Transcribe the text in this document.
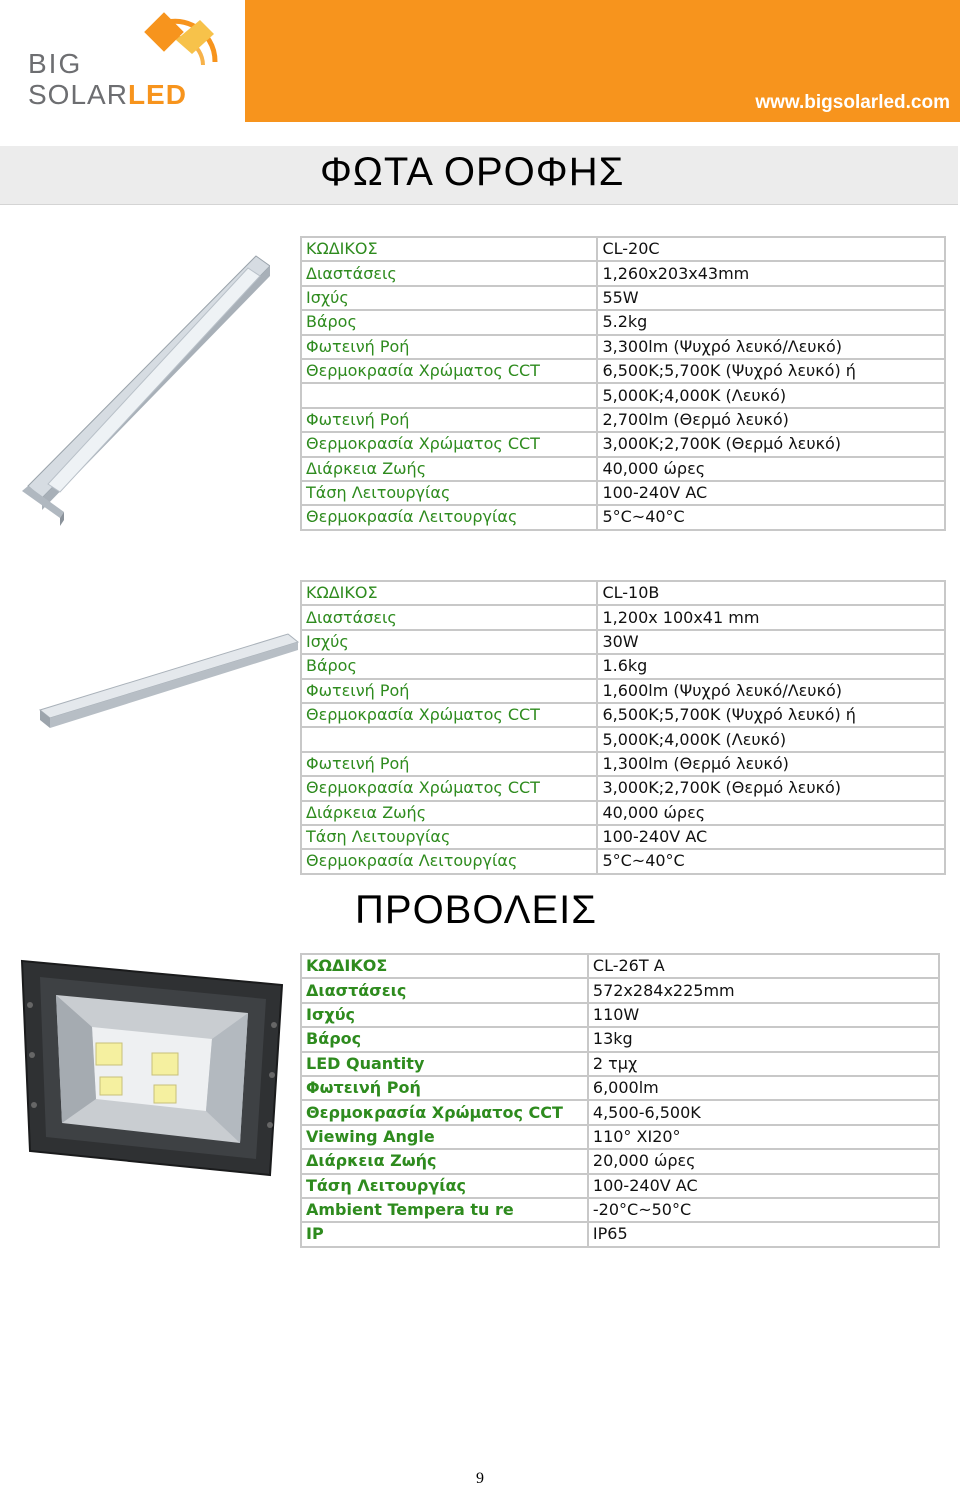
BIG
SOLARLED	www.bigsolarled.com
ΦΩΤΑ ΟΡΟΦΗΣ
ΚΩΔΙΚΟΣ	CL-20C
Διαστάσεις	1,260x203x43mm
Ισχύς	55W
Βάρος	5.2kg
Φωτεινή Ροή	3,300lm (Ψυχρό λευκό/Λευκό)
Θερμοκρασία Χρώματος CCT	6,500K;5,700K (Ψυχρό λευκό) ή
	5,000K;4,000K (Λευκό)
Φωτεινή Ροή	2,700lm (Θερμό λευκό)
Θερμοκρασία Χρώματος CCT	3,000K;2,700K (Θερμό λευκό)
Διάρκεια Ζωής	40,000 ώρες
Τάση Λειτουργίας	100-240V AC
Θερμοκρασία Λειτουργίας	5°C~40°C
ΚΩΔΙΚΟΣ	CL-10B
Διαστάσεις	1,200x 100x41 mm
Ισχύς	30W
Βάρος	1.6kg
Φωτεινή Ροή	1,600lm (Ψυχρό λευκό/Λευκό)
Θερμοκρασία Χρώματος CCT	6,500K;5,700K (Ψυχρό λευκό) ή
	5,000K;4,000K (Λευκό)
Φωτεινή Ροή	1,300lm (Θερμό λευκό)
Θερμοκρασία Χρώματος CCT	3,000K;2,700K (Θερμό λευκό)
Διάρκεια Ζωής	40,000 ώρες
Τάση Λειτουργίας	100-240V AC
Θερμοκρασία Λειτουργίας	5°C~40°C
ΠΡΟΒΟΛΕΙΣ
ΚΩΔΙΚΟΣ	CL-26T A
Διαστάσεις	572x284x225mm
Ισχύς	110W
Βάρος	13kg
LED Quantity	2 τμχ
Φωτεινή Ροή	6,000lm
Θερμοκρασία Χρώματος CCT	4,500-6,500K
Viewing Angle	110° XI20°
Διάρκεια Ζωής	20,000 ώρες
Τάση Λειτουργίας	100-240V AC
Ambient Tempera tu re	-20°C~50°C
IP	IP65
9
